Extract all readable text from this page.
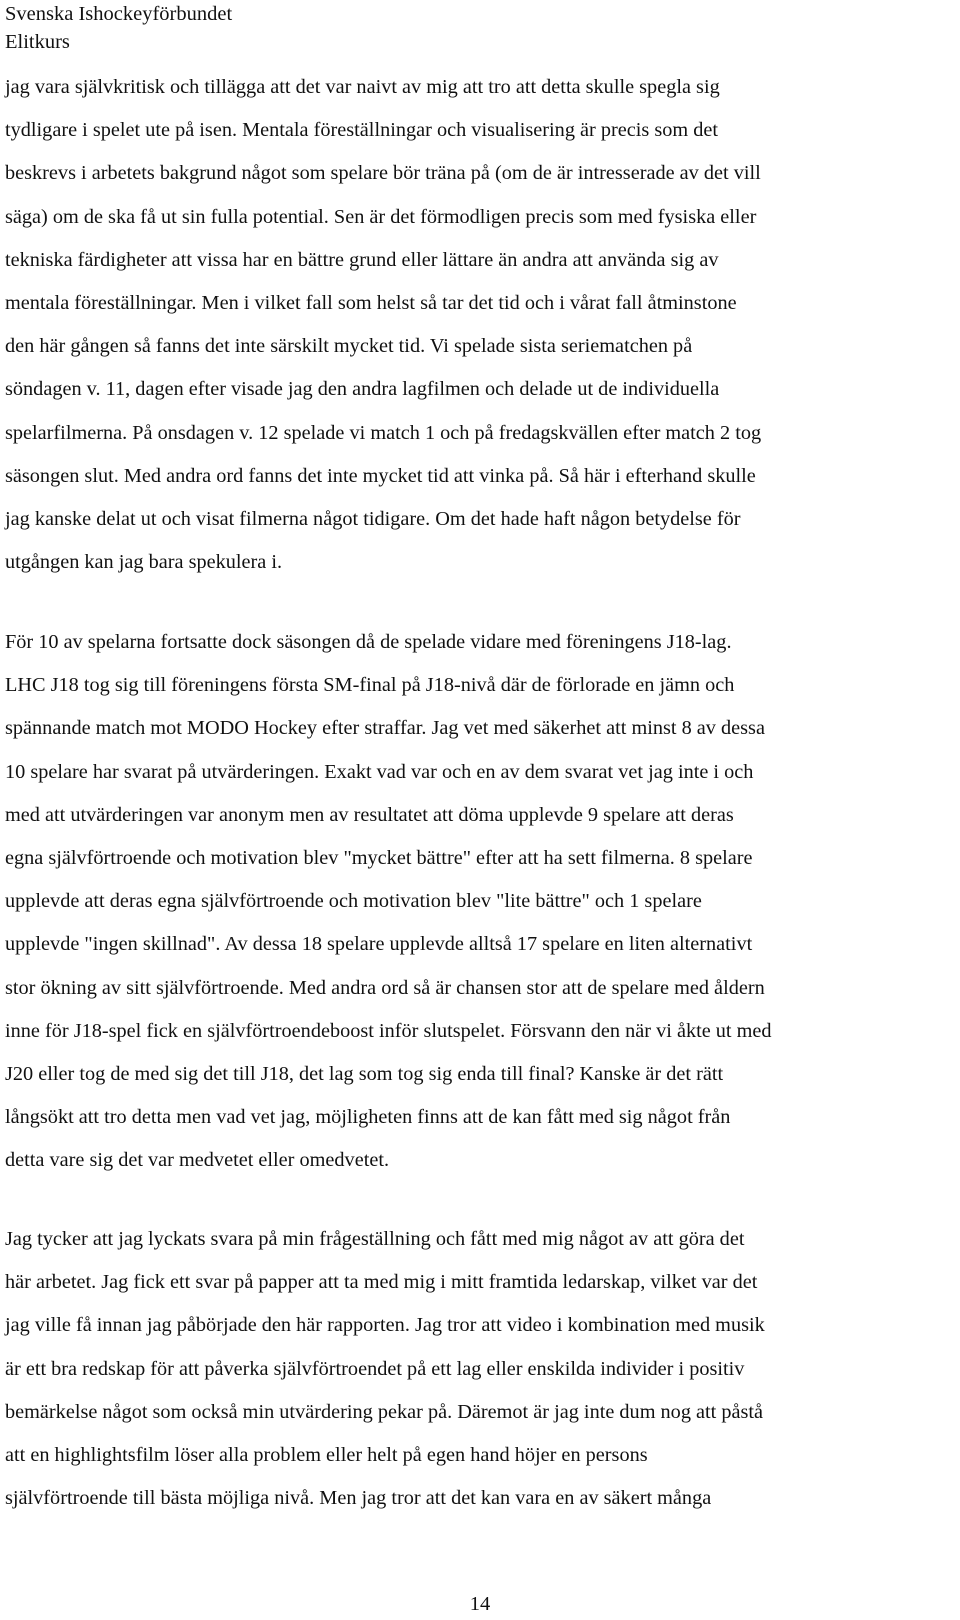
Svenska Ishockeyförbundet
Elitkurs
jag vara självkritisk och tillägga att det var naivt av mig att tro att detta skulle spegla sig
tydligare i spelet ute på isen. Mentala föreställningar och visualisering är precis som det
beskrevs i arbetets bakgrund något som spelare bör träna på (om de är intresserade av det vill
säga) om de ska få ut sin fulla potential. Sen är det förmodligen precis som med fysiska eller
tekniska färdigheter att vissa har en bättre grund eller lättare än andra att använda sig av
mentala föreställningar. Men i vilket fall som helst så tar det tid och i vårat fall åtminstone
den här gången så fanns det inte särskilt mycket tid. Vi spelade sista seriematchen på
söndagen v. 11, dagen efter visade jag den andra lagfilmen och delade ut de individuella
spelarfilmerna. På onsdagen v. 12 spelade vi match 1 och på fredagskvällen efter match 2 tog
säsongen slut. Med andra ord fanns det inte mycket tid att vinka på. Så här i efterhand skulle
jag kanske delat ut och visat filmerna något tidigare. Om det hade haft någon betydelse för
utgången kan jag bara spekulera i.
För 10 av spelarna fortsatte dock säsongen då de spelade vidare med föreningens J18-lag.
LHC J18 tog sig till föreningens första SM-final på J18-nivå där de förlorade en jämn och
spännande match mot MODO Hockey efter straffar. Jag vet med säkerhet att minst 8 av dessa
10 spelare har svarat på utvärderingen. Exakt vad var och en av dem svarat vet jag inte i och
med att utvärderingen var anonym men av resultatet att döma upplevde 9 spelare att deras
egna självförtroende och motivation blev "mycket bättre" efter att ha sett filmerna. 8 spelare
upplevde att deras egna självförtroende och motivation blev "lite bättre" och 1 spelare
upplevde "ingen skillnad". Av dessa 18 spelare upplevde alltså 17 spelare en liten alternativt
stor ökning av sitt självförtroende. Med andra ord så är chansen stor att de spelare med åldern
inne för J18-spel fick en självförtroendeboost inför slutspelet. Försvann den när vi åkte ut med
J20 eller tog de med sig det till J18, det lag som tog sig enda till final? Kanske är det rätt
långsökt att tro detta men vad vet jag, möjligheten finns att de kan fått med sig något från
detta vare sig det var medvetet eller omedvetet.
Jag tycker att jag lyckats svara på min frågeställning och fått med mig något av att göra det
här arbetet. Jag fick ett svar på papper att ta med mig i mitt framtida ledarskap, vilket var det
jag ville få innan jag påbörjade den här rapporten. Jag tror att video i kombination med musik
är ett bra redskap för att påverka självförtroendet på ett lag eller enskilda individer i positiv
bemärkelse något som också min utvärdering pekar på. Däremot är jag inte dum nog att påstå
att en highlightsfilm löser alla problem eller helt på egen hand höjer en persons
självförtroende till bästa möjliga nivå. Men jag tror att det kan vara en av säkert många
14
